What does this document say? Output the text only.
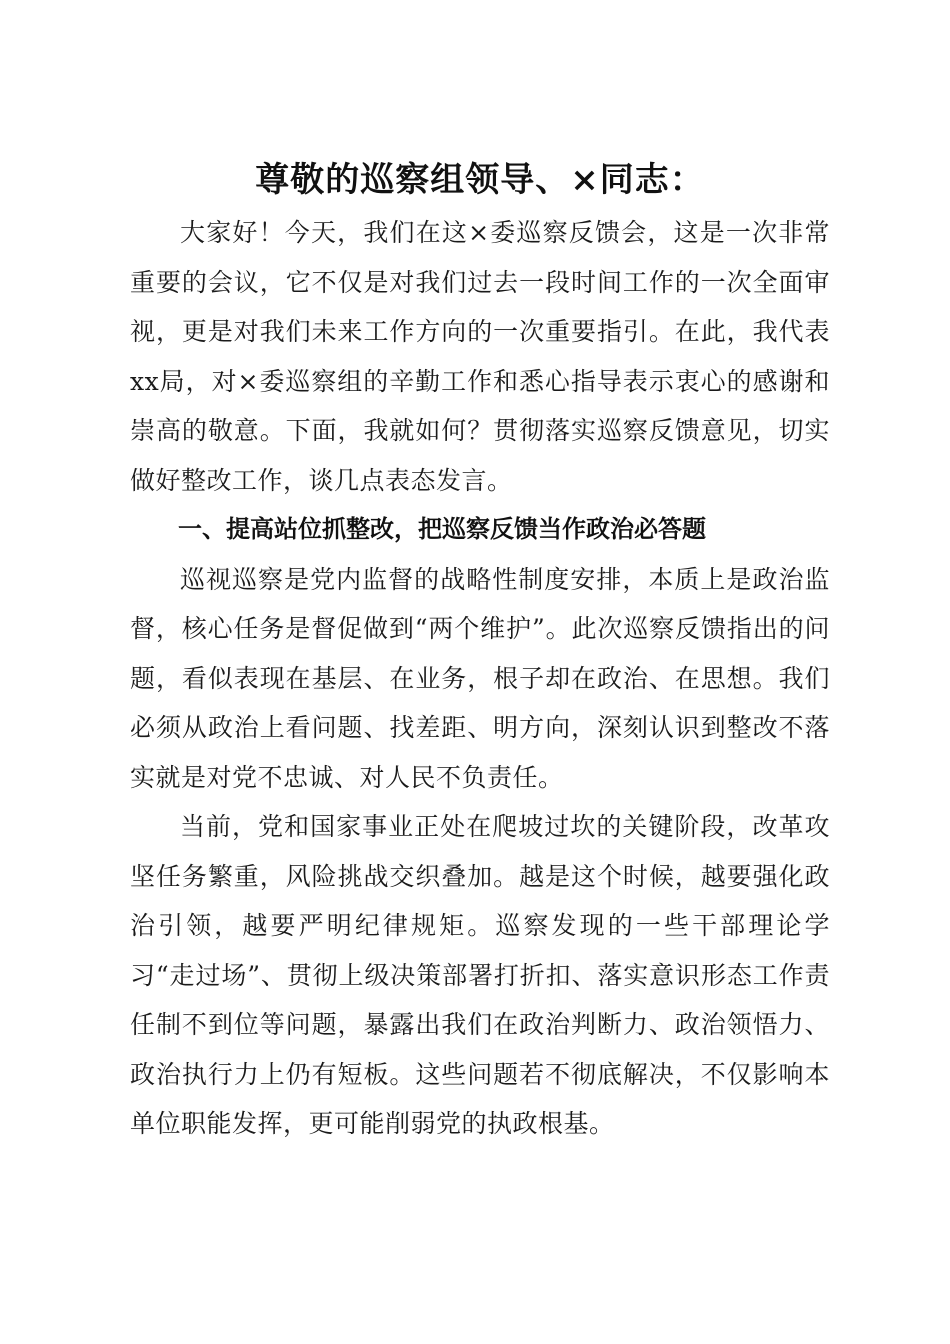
尊敬的巡察组领导、×同志：

大家好！今天，我们在这×委巡察反馈会，这是一次非常重要的会议，它不仅是对我们过去一段时间工作的一次全面审视，更是对我们未来工作方向的一次重要指引。在此，我代表xx局，对×委巡察组的辛勤工作和悉心指导表示衷心的感谢和崇高的敬意。下面，我就如何？贯彻落实巡察反馈意见，切实做好整改工作，谈几点表态发言。

一、提高站位抓整改，把巡察反馈当作政治必答题

巡视巡察是党内监督的战略性制度安排，本质上是政治监督，核心任务是督促做到“两个维护”。此次巡察反馈指出的问题，看似表现在基层、在业务，根子却在政治、在思想。我们必须从政治上看问题、找差距、明方向，深刻认识到整改不落实就是对党不忠诚、对人民不负责任。

当前，党和国家事业正处在爬坡过坎的关键阶段，改革攻坚任务繁重，风险挑战交织叠加。越是这个时候，越要强化政治引领，越要严明纪律规矩。巡察发现的一些干部理论学习“走过场”、贯彻上级决策部署打折扣、落实意识形态工作责任制不到位等问题，暴露出我们在政治判断力、政治领悟力、政治执行力上仍有短板。这些问题若不彻底解决，不仅影响本单位职能发挥，更可能削弱党的执政根基。
